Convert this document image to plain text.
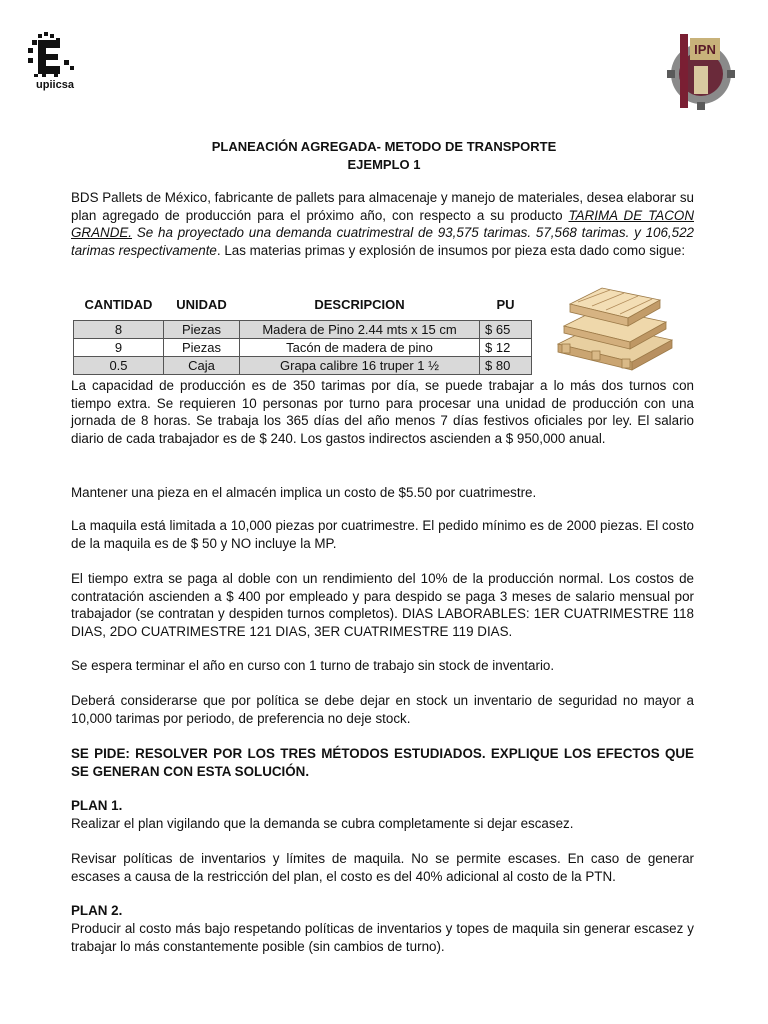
upiicsa
IPN
PLANEACIÓN AGREGADA- METODO DE TRANSPORTE
EJEMPLO 1

BDS Pallets de México, fabricante de pallets para almacenaje y manejo de materiales, desea elaborar su plan agregado de producción para el próximo año, con respecto a su producto TARIMA DE TACON GRANDE. Se ha proyectado una demanda cuatrimestral de 93,575 tarimas. 57,568 tarimas. y 106,522 tarimas respectivamente. Las materias primas y explosión de insumos por pieza esta dado como sigue:

CANTIDAD	UNIDAD	DESCRIPCION	PU
8	Piezas	Madera de Pino 2.44 mts x 15 cm	$ 65
9	Piezas	Tacón de madera de pino	$ 12
0.5	Caja	Grapa calibre 16 truper 1 ½	$ 80

La capacidad de producción es de 350 tarimas por día, se puede trabajar a lo más dos turnos con tiempo extra. Se requieren 10 personas por turno para procesar una unidad de producción con una jornada de 8 horas. Se trabaja los 365 días del año menos 7 días festivos oficiales por ley. El salario diario de cada trabajador es de $ 240. Los gastos indirectos ascienden a $ 950,000 anual.

Mantener una pieza en el almacén implica un costo de $5.50 por cuatrimestre.

La maquila está limitada a 10,000 piezas por cuatrimestre. El pedido mínimo es de 2000 piezas. El costo de la maquila es de $ 50 y NO incluye la MP.

El tiempo extra se paga al doble con un rendimiento del 10% de la producción normal. Los costos de contratación ascienden a $ 400 por empleado y para despido se paga 3 meses de salario mensual por trabajador (se contratan y despiden turnos completos). DIAS LABORABLES: 1ER CUATRIMESTRE 118 DIAS, 2DO CUATRIMESTRE 121 DIAS, 3ER CUATRIMESTRE 119 DIAS.

Se espera terminar el año en curso con 1 turno de trabajo sin stock de inventario.

Deberá considerarse que por política se debe dejar en stock un inventario de seguridad no mayor a 10,000 tarimas por periodo, de preferencia no deje stock.

SE PIDE: RESOLVER POR LOS TRES MÉTODOS ESTUDIADOS. EXPLIQUE LOS EFECTOS QUE SE GENERAN CON ESTA SOLUCIÓN.

PLAN 1.

Realizar el plan vigilando que la demanda se cubra completamente si dejar escasez.

Revisar políticas de inventarios y límites de maquila. No se permite escases. En caso de generar escases a causa de la restricción del plan, el costo es del 40% adicional al costo de la PTN.

PLAN 2.

Producir al costo más bajo respetando políticas de inventarios y topes de maquila sin generar escasez y trabajar lo más constantemente posible (sin cambios de turno).
